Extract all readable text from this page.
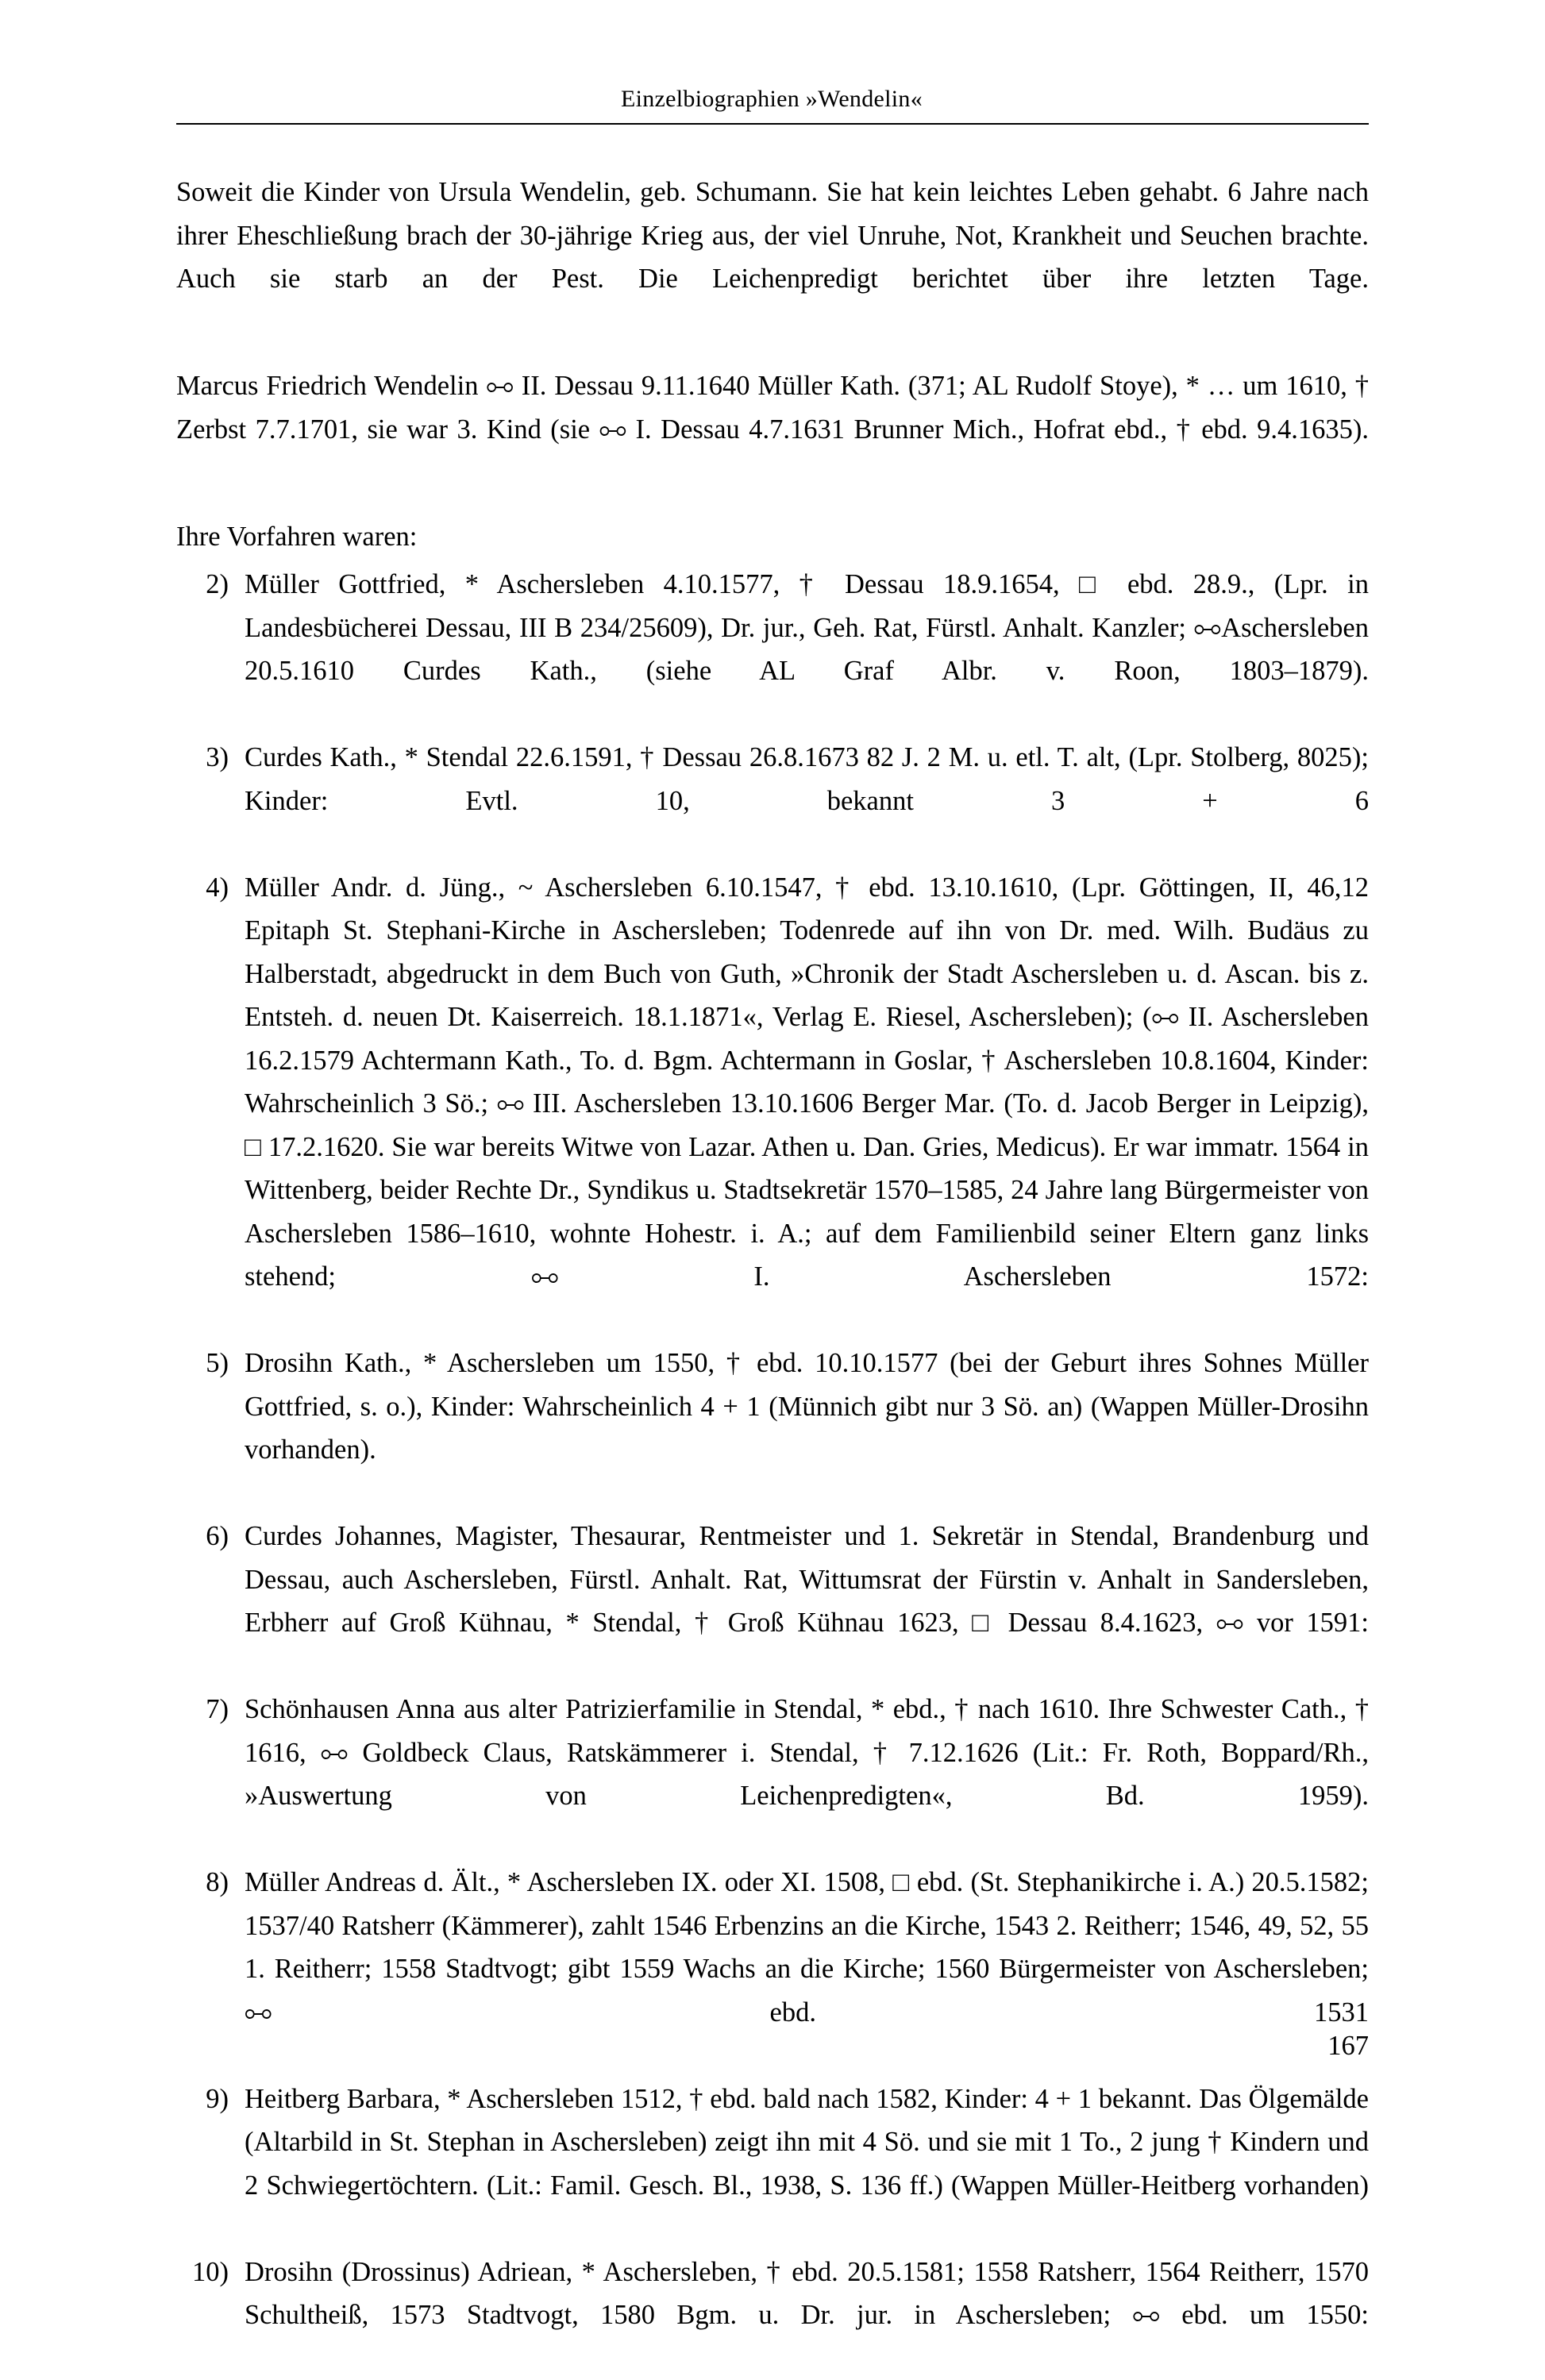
Einzelbiographien »Wendelin«

Soweit die Kinder von Ursula Wendelin, geb. Schumann. Sie hat kein leichtes Leben gehabt. 6 Jahre nach ihrer Eheschließung brach der 30-jährige Krieg aus, der viel Unruhe, Not, Krankheit und Seuchen brachte. Auch sie starb an der Pest. Die Leichenpredigt berichtet über ihre letzten Tage.

Marcus Friedrich Wendelin ⧟ II. Dessau 9.11.1640 Müller Kath. (371; AL Rudolf Stoye), * … um 1610, † Zerbst 7.7.1701, sie war 3. Kind (sie ⧟ I. Dessau 4.7.1631 Brunner Mich., Hofrat ebd., † ebd. 9.4.1635).

Ihre Vorfahren waren:

2) Müller Gottfried, * Aschersleben 4.10.1577, † Dessau 18.9.1654, □ ebd. 28.9., (Lpr. in Landesbücherei Dessau, III B 234/25609), Dr. jur., Geh. Rat, Fürstl. Anhalt. Kanzler; ⧟Aschersleben 20.5.1610 Curdes Kath., (siehe AL Graf Albr. v. Roon, 1803–1879).
3) Curdes Kath., * Stendal 22.6.1591, † Dessau 26.8.1673 82 J. 2 M. u. etl. T. alt, (Lpr. Stolberg, 8025); Kinder: Evtl. 10, bekannt 3 + 6
4) Müller Andr. d. Jüng., ~ Aschersleben 6.10.1547, † ebd. 13.10.1610, (Lpr. Göttingen, II, 46,12 Epitaph St. Stephani-Kirche in Aschersleben; Todenrede auf ihn von Dr. med. Wilh. Budäus zu Halberstadt, abgedruckt in dem Buch von Guth, »Chronik der Stadt Aschersleben u. d. Ascan. bis z. Entsteh. d. neuen Dt. Kaiserreich. 18.1.1871«, Verlag E. Riesel, Aschersleben); (⧟ II. Aschersleben 16.2.1579 Achtermann Kath., To. d. Bgm. Achtermann in Goslar, † Aschersleben 10.8.1604, Kinder: Wahrscheinlich 3 Sö.; ⧟ III. Aschersleben 13.10.1606 Berger Mar. (To. d. Jacob Berger in Leipzig), □ 17.2.1620. Sie war bereits Witwe von Lazar. Athen u. Dan. Gries, Medicus). Er war immatr. 1564 in Wittenberg, beider Rechte Dr., Syndikus u. Stadtsekretär 1570–1585, 24 Jahre lang Bürgermeister von Aschersleben 1586–1610, wohnte Hohestr. i. A.; auf dem Familienbild seiner Eltern ganz links stehend; ⧟ I. Aschersleben 1572:
5) Drosihn Kath., * Aschersleben um 1550, † ebd. 10.10.1577 (bei der Geburt ihres Sohnes Müller Gottfried, s. o.), Kinder: Wahrscheinlich 4 + 1 (Münnich gibt nur 3 Sö. an) (Wappen Müller-Drosihn vorhanden).
6) Curdes Johannes, Magister, Thesaurar, Rentmeister und 1. Sekretär in Stendal, Brandenburg und Dessau, auch Aschersleben, Fürstl. Anhalt. Rat, Wittumsrat der Fürstin v. Anhalt in Sandersleben, Erbherr auf Groß Kühnau, * Stendal, † Groß Kühnau 1623, □ Dessau 8.4.1623, ⧟ vor 1591:
7) Schönhausen Anna aus alter Patrizierfamilie in Stendal, * ebd., † nach 1610. Ihre Schwester Cath., † 1616, ⧟ Goldbeck Claus, Ratskämmerer i. Stendal, † 7.12.1626 (Lit.: Fr. Roth, Boppard/Rh., »Auswertung von Leichenpredigten«, Bd. 1959).
8) Müller Andreas d. Ält., * Aschersleben IX. oder XI. 1508, □ ebd. (St. Stephanikirche i. A.) 20.5.1582; 1537/40 Ratsherr (Kämmerer), zahlt 1546 Erbenzins an die Kirche, 1543 2. Reitherr; 1546, 49, 52, 55 1. Reitherr; 1558 Stadtvogt; gibt 1559 Wachs an die Kirche; 1560 Bürgermeister von Aschersleben; ⧟ ebd. 1531
9) Heitberg Barbara, * Aschersleben 1512, † ebd. bald nach 1582, Kinder: 4 + 1 bekannt. Das Ölgemälde (Altarbild in St. Stephan in Aschersleben) zeigt ihn mit 4 Sö. und sie mit 1 To., 2 jung † Kindern und 2 Schwiegertöchtern. (Lit.: Famil. Gesch. Bl., 1938, S. 136 ff.) (Wappen Müller-Heitberg vorhanden)
10) Drosihn (Drossinus) Adriean, * Aschersleben, † ebd. 20.5.1581; 1558 Ratsherr, 1564 Reitherr, 1570 Schultheiß, 1573 Stadtvogt, 1580 Bgm. u. Dr. jur. in Aschersleben; ⧟ ebd. um 1550:
167
